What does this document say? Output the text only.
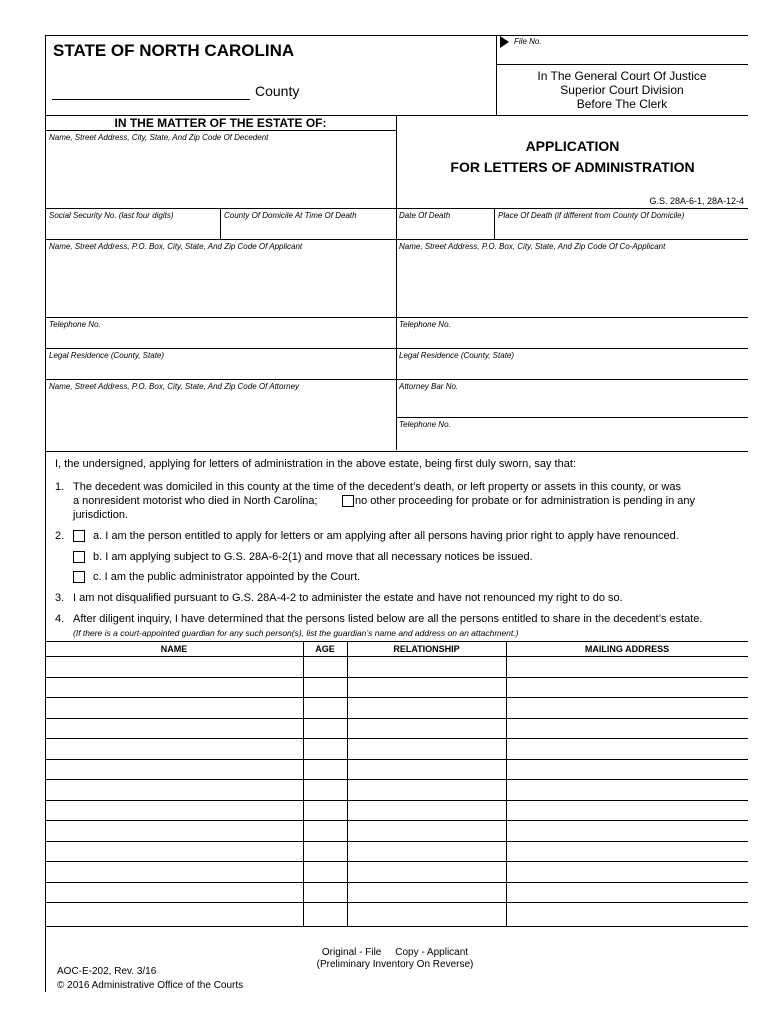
File No.
STATE OF NORTH CAROLINA
County
In The General Court Of Justice
Superior Court Division
Before The Clerk
IN THE MATTER OF THE ESTATE OF:
Name, Street Address, City, State, And Zip Code Of Decedent
APPLICATION
FOR LETTERS OF ADMINISTRATION
G.S. 28A-6-1, 28A-12-4
Social Security No. (last four digits)	County Of Domicile At Time Of Death	Date Of Death	Place Of Death (if different from County Of Domicile)
Name, Street Address, P.O. Box, City, State, And Zip Code Of Applicant	Name, Street Address, P.O. Box, City, State, And Zip Code Of Co-Applicant
Telephone No.	Telephone No.
Legal Residence (County, State)	Legal Residence (County, State)
Name, Street Address, P.O. Box, City, State, And Zip Code Of Attorney	Attorney Bar No.
Telephone No.
I, the undersigned, applying for letters of administration in the above estate, being first duly sworn, say that:
1. The decedent was domiciled in this county at the time of the decedent’s death, or left property or assets in this county, or was
a nonresident motorist who died in North Carolina;	no other proceeding for probate or for administration is pending in any
jurisdiction.
2.	a. I am the person entitled to apply for letters or am applying after all persons having prior right to apply have renounced.
b. I am applying subject to G.S. 28A-6-2(1) and move that all necessary notices be issued.
c. I am the public administrator appointed by the Court.
3. I am not disqualified pursuant to G.S. 28A-4-2 to administer the estate and have not renounced my right to do so.
4. After diligent inquiry, I have determined that the persons listed below are all the persons entitled to share in the decedent’s estate.
(If there is a court-appointed guardian for any such person(s), list the guardian’s name and address on an attachment.)
NAME	AGE	RELATIONSHIP	MAILING ADDRESS
Original - File     Copy - Applicant
(Preliminary Inventory On Reverse)
AOC-E-202, Rev. 3/16
© 2016 Administrative Office of the Courts
